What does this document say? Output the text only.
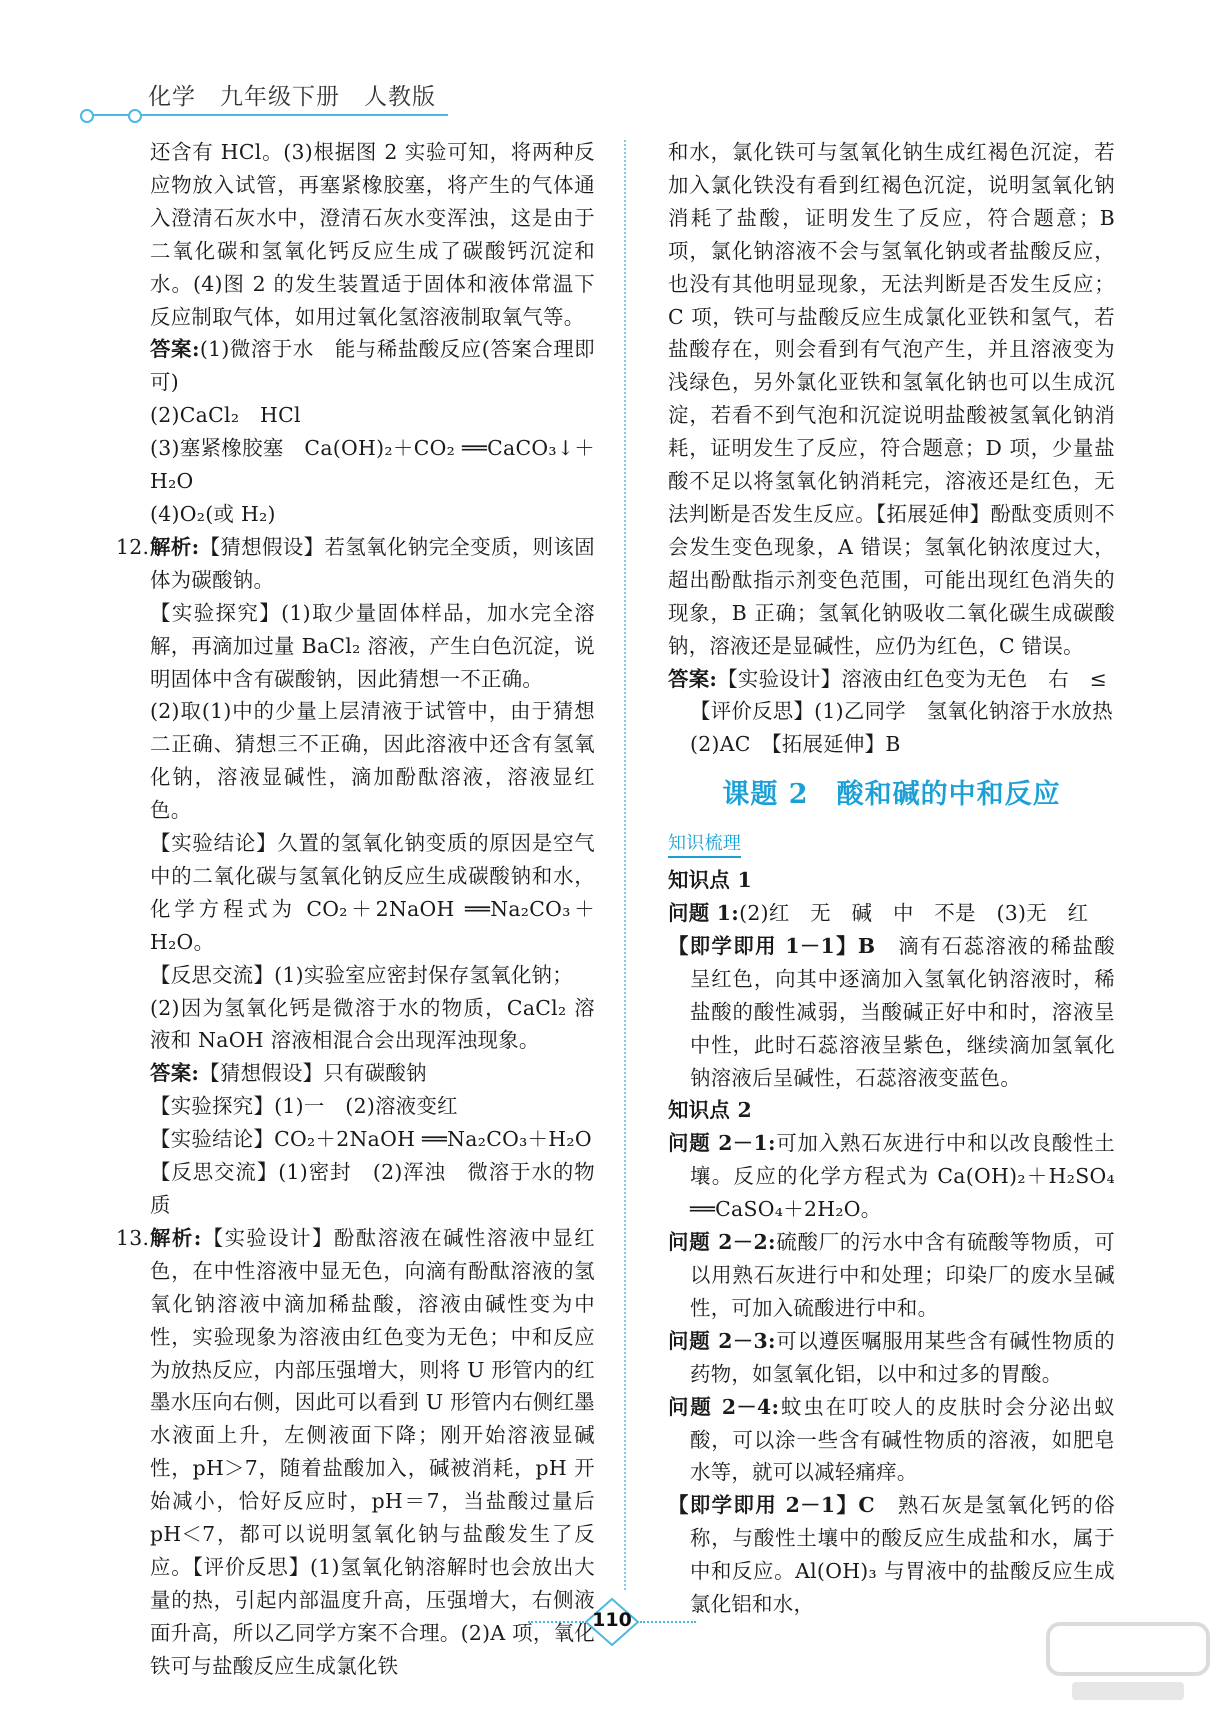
化学　九年级下册　人教版

还含有 HCl。(3)根据图 2 实验可知，将两种反应物放入试管，再塞紧橡胶塞，将产生的气体通入澄清石灰水中，澄清石灰水变浑浊，这是由于二氧化碳和氢氧化钙反应生成了碳酸钙沉淀和水。(4)图 2 的发生装置适于固体和液体常温下反应制取气体，如用过氧化氢溶液制取氧气等。

答案:(1)微溶于水　能与稀盐酸反应(答案合理即可)

(2)CaCl₂　HCl

(3)塞紧橡胶塞　Ca(OH)₂＋CO₂ ══CaCO₃↓＋H₂O

(4)O₂(或 H₂)

12. 解析:【猜想假设】若氢氧化钠完全变质，则该固体为碳酸钠。

【实验探究】(1)取少量固体样品，加水完全溶解，再滴加过量 BaCl₂ 溶液，产生白色沉淀，说明固体中含有碳酸钠，因此猜想一不正确。

(2)取(1)中的少量上层清液于试管中，由于猜想二正确、猜想三不正确，因此溶液中还含有氢氧化钠，溶液显碱性，滴加酚酞溶液，溶液显红色。

【实验结论】久置的氢氧化钠变质的原因是空气中的二氧化碳与氢氧化钠反应生成碳酸钠和水，化学方程式为 CO₂＋2NaOH ══Na₂CO₃＋H₂O。

【反思交流】(1)实验室应密封保存氢氧化钠；

(2)因为氢氧化钙是微溶于水的物质，CaCl₂ 溶液和 NaOH 溶液相混合会出现浑浊现象。

答案:【猜想假设】只有碳酸钠

【实验探究】(1)一　(2)溶液变红

【实验结论】CO₂＋2NaOH ══Na₂CO₃＋H₂O

【反思交流】(1)密封　(2)浑浊　微溶于水的物质

13. 解析:【实验设计】酚酞溶液在碱性溶液中显红色，在中性溶液中显无色，向滴有酚酞溶液的氢氧化钠溶液中滴加稀盐酸，溶液由碱性变为中性，实验现象为溶液由红色变为无色；中和反应为放热反应，内部压强增大，则将 U 形管内的红墨水压向右侧，因此可以看到 U 形管内右侧红墨水液面上升，左侧液面下降；刚开始溶液显碱性，pH＞7，随着盐酸加入，碱被消耗，pH 开始减小，恰好反应时，pH＝7，当盐酸过量后 pH＜7，都可以说明氢氧化钠与盐酸发生了反应。【评价反思】(1)氢氧化钠溶解时也会放出大量的热，引起内部温度升高，压强增大，右侧液面升高，所以乙同学方案不合理。(2)A 项，氧化铁可与盐酸反应生成氯化铁

和水，氯化铁可与氢氧化钠生成红褐色沉淀，若加入氯化铁没有看到红褐色沉淀，说明氢氧化钠消耗了盐酸，证明发生了反应，符合题意；B 项，氯化钠溶液不会与氢氧化钠或者盐酸反应，也没有其他明显现象，无法判断是否发生反应；C 项，铁可与盐酸反应生成氯化亚铁和氢气，若盐酸存在，则会看到有气泡产生，并且溶液变为浅绿色，另外氯化亚铁和氢氧化钠也可以生成沉淀，若看不到气泡和沉淀说明盐酸被氢氧化钠消耗，证明发生了反应，符合题意；D 项，少量盐酸不足以将氢氧化钠消耗完，溶液还是红色，无法判断是否发生反应。【拓展延伸】酚酞变质则不会发生变色现象，A 错误；氢氧化钠浓度过大，超出酚酞指示剂变色范围，可能出现红色消失的现象，B 正确；氢氧化钠吸收二氧化碳生成碳酸钠，溶液还是显碱性，应仍为红色，C 错误。

答案:【实验设计】溶液由红色变为无色　右　≤

【评价反思】(1)乙同学　氢氧化钠溶于水放热

(2)AC　【拓展延伸】B

课题 2　酸和碱的中和反应
知识梳理

知识点 1

问题 1:(2)红　无　碱　中　不是　(3)无　红

【即学即用 1－1】B　 滴有石蕊溶液的稀盐酸呈红色，向其中逐滴加入氢氧化钠溶液时，稀盐酸的酸性减弱，当酸碱正好中和时，溶液呈中性，此时石蕊溶液呈紫色，继续滴加氢氧化钠溶液后呈碱性，石蕊溶液变蓝色。

知识点 2

问题 2－1:可加入熟石灰进行中和以改良酸性土壤。反应的化学方程式为 Ca(OH)₂＋H₂SO₄ ══CaSO₄＋2H₂O。

问题 2－2:硫酸厂的污水中含有硫酸等物质，可以用熟石灰进行中和处理；印染厂的废水呈碱性，可加入硫酸进行中和。

问题 2－3:可以遵医嘱服用某些含有碱性物质的药物，如氢氧化铝，以中和过多的胃酸。

问题 2－4:蚊虫在叮咬人的皮肤时会分泌出蚁酸，可以涂一些含有碱性物质的溶液，如肥皂水等，就可以减轻痛痒。

【即学即用 2－1】C　 熟石灰是氢氧化钙的俗称，与酸性土壤中的酸反应生成盐和水，属于中和反应。Al(OH)₃ 与胃液中的盐酸反应生成氯化铝和水，

110
